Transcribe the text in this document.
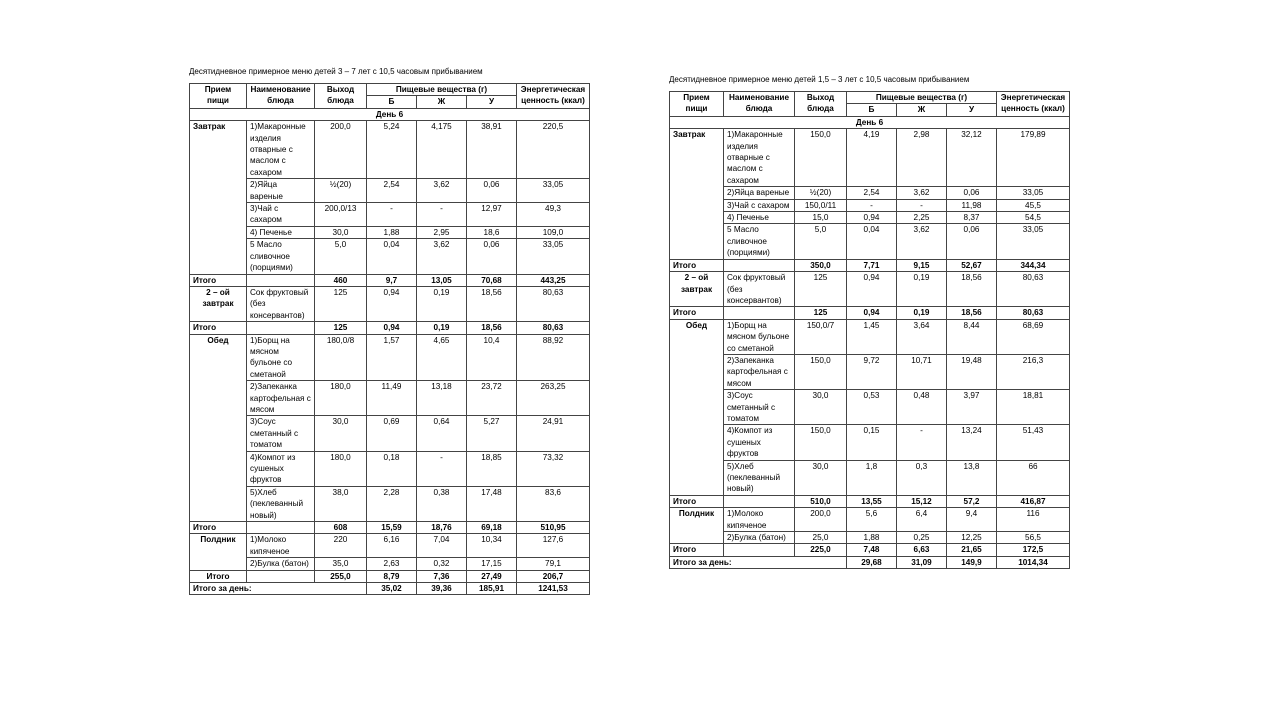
Десятидневное примерное меню детей 3 – 7 лет с 10,5 часовым прибыванием
Прием пищи	Наименование блюда	Выход блюда	Пищевые вещества (г)			Энергетическая ценность (ккал)
			Б	Ж	У	
День 6						
Завтрак	1)Макаронные изделия отварные с маслом с сахаром	200,0	5,24	4,175	38,91	220,5
	2)Яйца вареные	½(20)	2,54	3,62	0,06	33,05
	3)Чай с сахаром	200,0/13	-	-	12,97	49,3
	4) Печенье	30,0	1,88	2,95	18,6	109,0
	5 Масло сливочное (порциями)	5,0	0,04	3,62	0,06	33,05
Итого		460	9,7	13,05	70,68	443,25
2 – ой завтрак	Сок фруктовый (без консервантов)	125	0,94	0,19	18,56	80,63
Итого		125	0,94	0,19	18,56	80,63
Обед	1)Борщ на мясном бульоне со сметаной	180,0/8	1,57	4,65	10,4	88,92
	2)Запеканка картофельная с мясом	180,0	11,49	13,18	23,72	263,25
	3)Соус сметанный с томатом	30,0	0,69	0,64	5,27	24,91
	4)Компот из сушеных фруктов	180,0	0,18	-	18,85	73,32
	5)Хлеб (пеклеванный новый)	38,0	2,28	0,38	17,48	83,6
Итого		608	15,59	18,76	69,18	510,95
Полдник	1)Молоко кипяченое	220	6,16	7,04	10,34	127,6
	2)Булка (батон)	35,0	2,63	0,32	17,15	79,1
Итого		255,0	8,79	7,36	27,49	206,7
Итого за день:			35,02	39,36	185,91	1241,53
Десятидневное примерное меню детей 1,5 – 3 лет с 10,5 часовым прибыванием
Прием пищи	Наименование блюда	Выход блюда	Пищевые вещества (г)			Энергетическая ценность (ккал)
			Б	Ж	У	
День 6						
Завтрак	1)Макаронные изделия отварные с маслом с сахаром	150,0	4,19	2,98	32,12	179,89
	2)Яйца вареные	½(20)	2,54	3,62	0,06	33,05
	3)Чай с сахаром	150,0/11	-	-	11,98	45,5
	4) Печенье	15,0	0,94	2,25	8,37	54,5
	5 Масло сливочное (порциями)	5,0	0,04	3,62	0,06	33,05
Итого		350,0	7,71	9,15	52,67	344,34
2 – ой завтрак	Сок фруктовый (без консервантов)	125	0,94	0,19	18,56	80,63
Итого		125	0,94	0,19	18,56	80,63
Обед	1)Борщ на мясном бульоне со сметаной	150,0/7	1,45	3,64	8,44	68,69
	2)Запеканка картофельная с мясом	150,0	9,72	10,71	19,48	216,3
	3)Соус сметанный с томатом	30,0	0,53	0,48	3,97	18,81
	4)Компот из сушеных фруктов	150,0	0,15	-	13,24	51,43
	5)Хлеб (пеклеванный новый)	30,0	1,8	0,3	13,8	66
Итого		510,0	13,55	15,12	57,2	416,87
Полдник	1)Молоко кипяченое	200,0	5,6	6,4	9,4	116
	2)Булка (батон)	25,0	1,88	0,25	12,25	56,5
Итого		225,0	7,48	6,63	21,65	172,5
Итого за день:			29,68	31,09	149,9	1014,34
